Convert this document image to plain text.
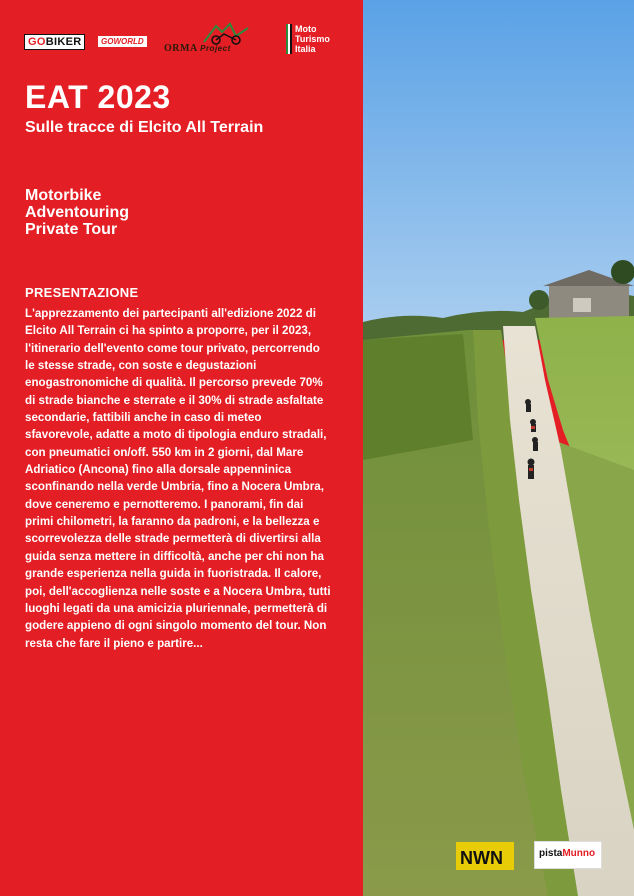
GOBIKER	GOWORLD
ORMA Project
Moto
Turismo
Italia
EAT 2023
Sulle tracce di Elcito All Terrain
Motorbike
Adventouring
Private Tour
PRESENTAZIONE

L'apprezzamento dei partecipanti all'edizione 2022 di Elcito All Terrain ci ha spinto a proporre, per il 2023, l'itinerario dell'evento come tour privato, percorrendo le stesse strade, con soste e degustazioni enogastronomiche di qualità. Il percorso prevede 70% di strade bianche e sterrate e il 30% di strade asfaltate secondarie, fattibili anche in caso di meteo sfavorevole, adatte a moto di tipologia enduro stradali, con pneumatici on/off. 550 km in 2 giorni, dal Mare Adriatico (Ancona) fino alla dorsale appenninica sconfinando nella verde Umbria, fino a Nocera Umbra, dove ceneremo e pernotteremo. I panorami, fin dai primi chilometri, la faranno da padroni, e la bellezza e scorrevolezza delle strade permetterà di divertirsi alla guida senza mettere in difficoltà, anche per chi non ha grande esperienza nella guida in fuoristrada. Il calore, poi, dell'accoglienza nelle soste e a Nocera Umbra, tutti luoghi legati da una amicizia pluriennale, permetterà di godere appieno di ogni singolo momento del tour. Non resta che fare il pieno e partire...

NWN	pistaMunno
